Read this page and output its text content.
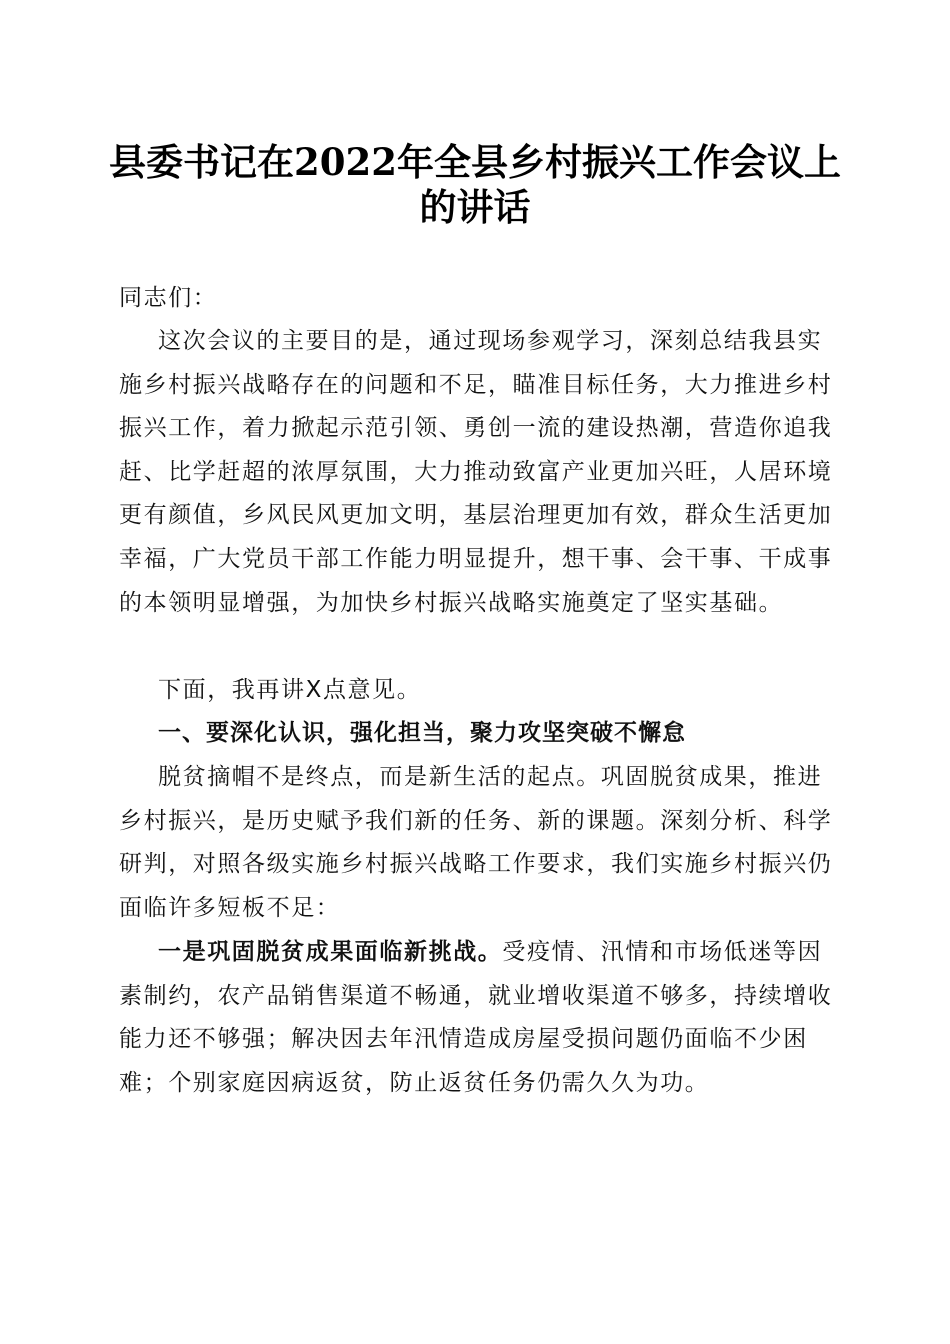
县委书记在2022年全县乡村振兴工作会议上
的讲话

同志们：

这次会议的主要目的是，通过现场参观学习，深刻总结我县实施乡村振兴战略存在的问题和不足，瞄准目标任务，大力推进乡村振兴工作，着力掀起示范引领、勇创一流的建设热潮，营造你追我赶、比学赶超的浓厚氛围，大力推动致富产业更加兴旺，人居环境更有颜值，乡风民风更加文明，基层治理更加有效，群众生活更加幸福，广大党员干部工作能力明显提升，想干事、会干事、干成事的本领明显增强，为加快乡村振兴战略实施奠定了坚实基础。

下面，我再讲X点意见。

一、要深化认识，强化担当，聚力攻坚突破不懈怠

脱贫摘帽不是终点，而是新生活的起点。巩固脱贫成果，推进乡村振兴，是历史赋予我们新的任务、新的课题。深刻分析、科学研判，对照各级实施乡村振兴战略工作要求，我们实施乡村振兴仍面临许多短板不足：

一是巩固脱贫成果面临新挑战。受疫情、汛情和市场低迷等因素制约，农产品销售渠道不畅通，就业增收渠道不够多，持续增收能力还不够强；解决因去年汛情造成房屋受损问题仍面临不少困难；个别家庭因病返贫，防止返贫任务仍需久久为功。
